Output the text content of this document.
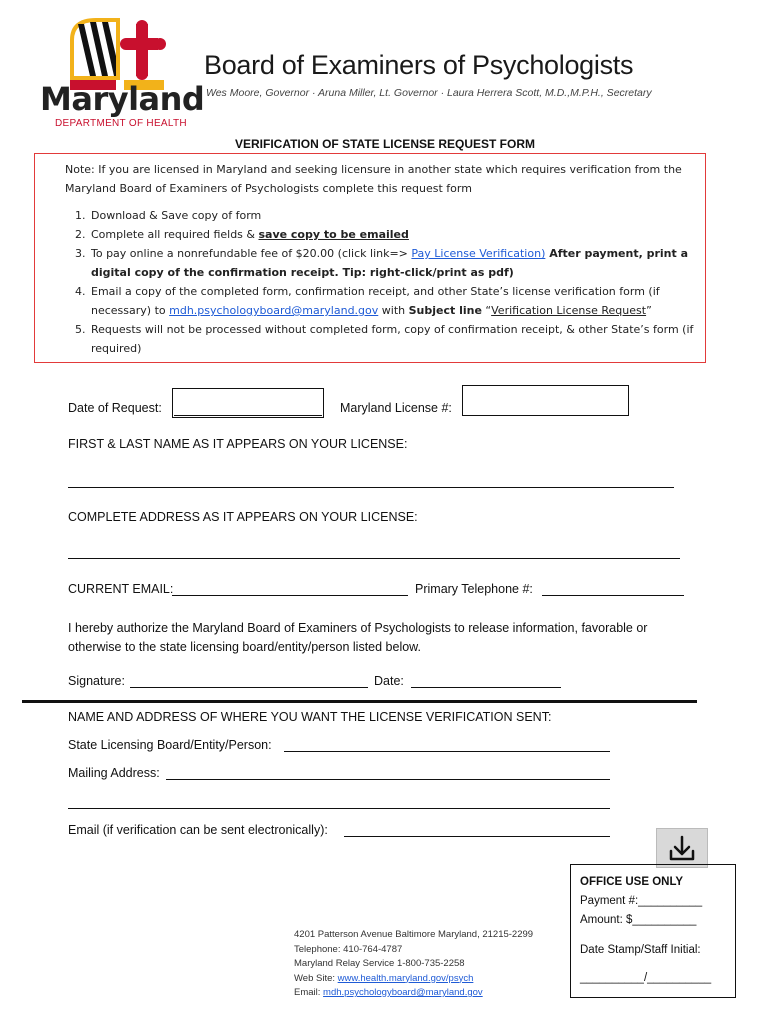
Maryland
DEPARTMENT OF HEALTH
Board of Examiners of Psychologists
Wes Moore, Governor · Aruna Miller, Lt. Governor · Laura Herrera Scott, M.D.,M.P.H., Secretary
VERIFICATION OF STATE LICENSE REQUEST FORM
Note: If you are licensed in Maryland and seeking licensure in another state which requires verification from the
Maryland Board of Examiners of Psychologists complete this request form
1. Download & Save copy of form
2. Complete all required fields & save copy to be emailed
3. To pay online a nonrefundable fee of $20.00 (click link=> Pay License Verification) After payment, print a digital copy of the confirmation receipt. Tip: right-click/print as pdf)
4. Email a copy of the completed form, confirmation receipt, and other State’s license verification form (if necessary) to mdh.psychologyboard@maryland.gov with Subject line “Verification License Request”
5. Requests will not be processed without completed form, copy of confirmation receipt, & other State’s form (if required)
Date of Request:	Maryland License #:
FIRST & LAST NAME AS IT APPEARS ON YOUR LICENSE:
COMPLETE ADDRESS AS IT APPEARS ON YOUR LICENSE:
CURRENT EMAIL:	Primary Telephone #:
I hereby authorize the Maryland Board of Examiners of Psychologists to release information, favorable or
otherwise to the state licensing board/entity/person listed below.
Signature:	Date:
NAME AND ADDRESS OF WHERE YOU WANT THE LICENSE VERIFICATION SENT:
State Licensing Board/Entity/Person:
Mailing Address:
Email (if verification can be sent electronically):
OFFICE USE ONLY
Payment #:__________
Amount: $__________
Date Stamp/Staff Initial:
__________/__________
4201 Patterson Avenue Baltimore Maryland, 21215-2299
Telephone: 410-764-4787
Maryland Relay Service 1-800-735-2258
Web Site: www.health.maryland.gov/psych
Email: mdh.psychologyboard@maryland.gov
